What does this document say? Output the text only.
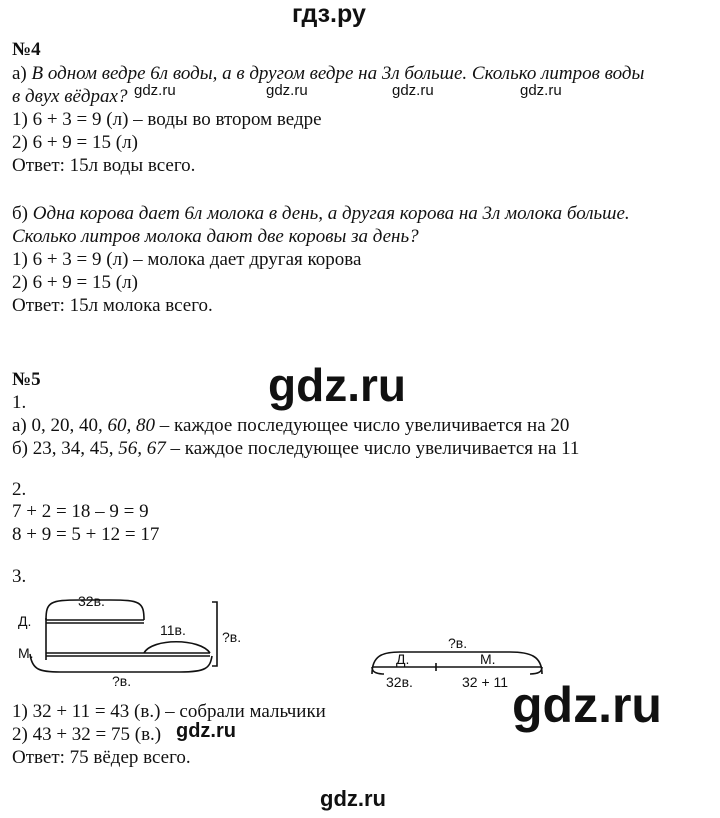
гдз.ру
№4
а) В одном ведре 6л воды, а в другом ведре на 3л больше. Сколько литров воды
в двух вёдрах? gdz.ru	gdz.ru	gdz.ru	gdz.ru
1) 6 + 3 = 9 (л) – воды во втором ведре
2) 6 + 9 = 15 (л)
Ответ: 15л воды всего.
б) Одна корова дает 6л молока в день, а другая корова на 3л молока больше.
Сколько литров молока дают две коровы за день?
1) 6 + 3 = 9 (л) – молока дает другая корова
2) 6 + 9 = 15 (л)
Ответ: 15л молока всего.
№5	gdz.ru
1.
а) 0, 20, 40, 60, 80 – каждое последующее число увеличивается на 20
б) 23, 34, 45, 56, 67 – каждое последующее число увеличивается на 11
2.
7 + 2 = 18 – 9 = 9
8 + 9 = 5 + 12 = 17
3.
32в.
Д.
М.
11в.	?в.
?в.
?в.
Д.	М.
32в.	32 + 11
1) 32 + 11 = 43 (в.) – собрали мальчики
2) 43 + 32 = 75 (в.) gdz.ru
Ответ: 75 вёдер всего.
gdz.ru
gdz.ru
